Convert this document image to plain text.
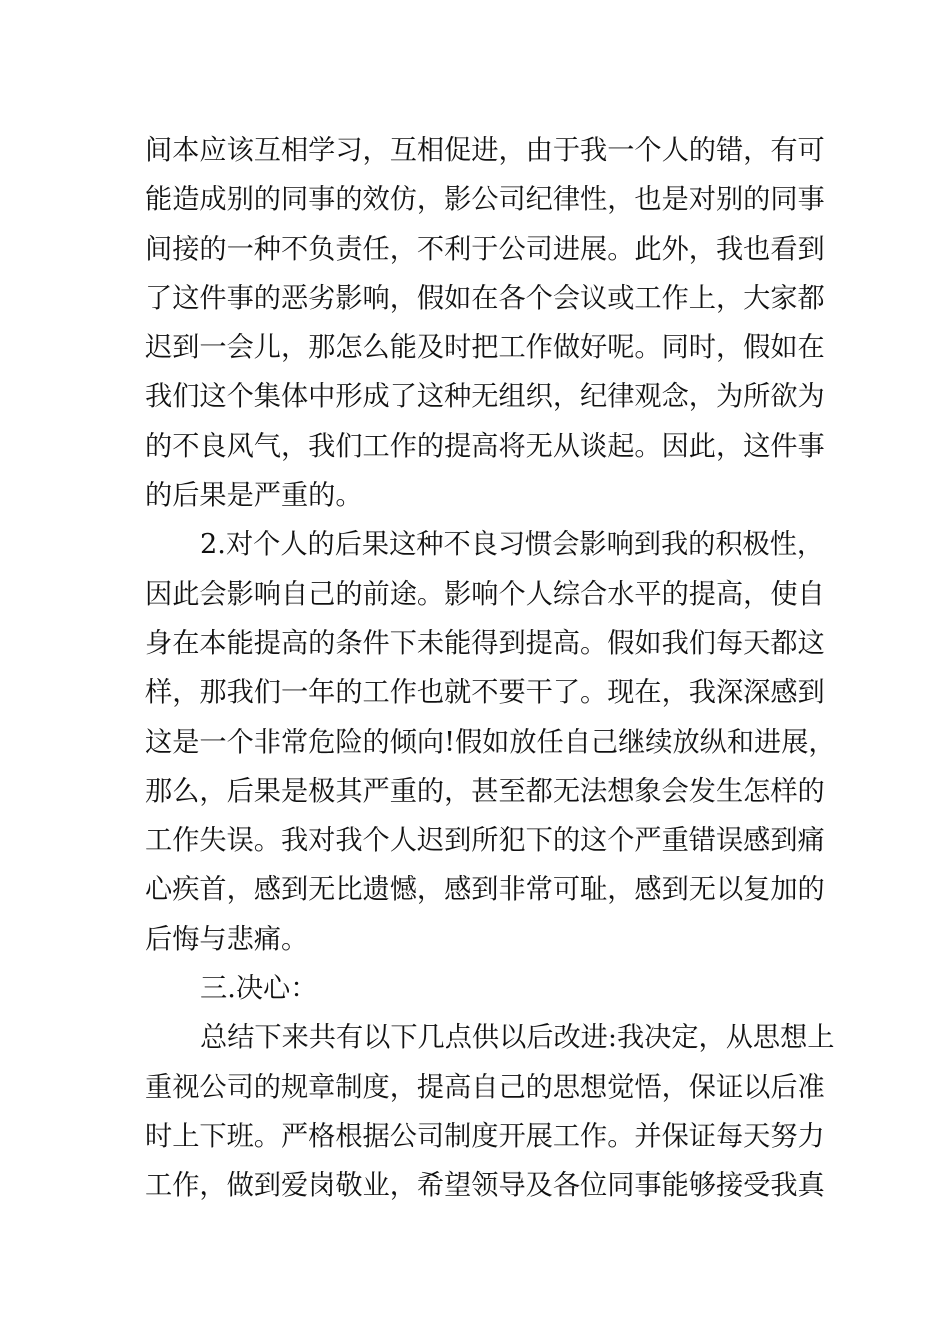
间本应该互相学习，互相促进，由于我一个人的错，有可
能造成别的同事的效仿，影公司纪律性，也是对别的同事
间接的一种不负责任，不利于公司进展。此外，我也看到
了这件事的恶劣影响，假如在各个会议或工作上，大家都
迟到一会儿，那怎么能及时把工作做好呢。同时，假如在
我们这个集体中形成了这种无组织，纪律观念，为所欲为
的不良风气，我们工作的提高将无从谈起。因此，这件事
的后果是严重的。
2.对个人的后果这种不良习惯会影响到我的积极性，
因此会影响自己的前途。影响个人综合水平的提高，使自
身在本能提高的条件下未能得到提高。假如我们每天都这
样，那我们一年的工作也就不要干了。现在，我深深感到
这是一个非常危险的倾向!假如放任自己继续放纵和进展，
那么，后果是极其严重的，甚至都无法想象会发生怎样的
工作失误。我对我个人迟到所犯下的这个严重错误感到痛
心疾首，感到无比遗憾，感到非常可耻，感到无以复加的
后悔与悲痛。
三.决心：
总结下来共有以下几点供以后改进:我决定，从思想上
重视公司的规章制度，提高自己的思想觉悟，保证以后准
时上下班。严格根据公司制度开展工作。并保证每天努力
工作，做到爱岗敬业，希望领导及各位同事能够接受我真
